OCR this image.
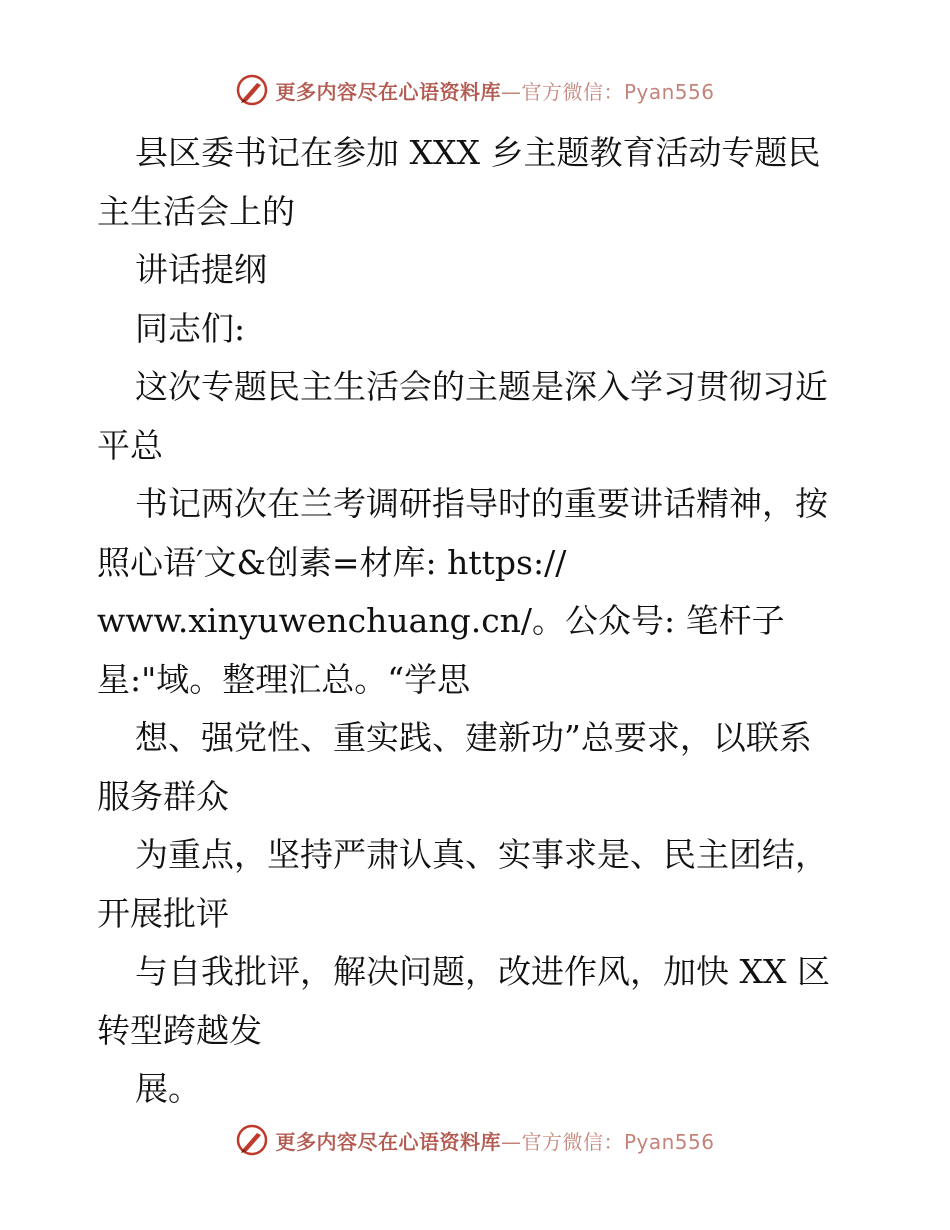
更多内容尽在心语资料库—官方微信：Pyan556
县区委书记在参加 XXX 乡主题教育活动专题民
主生活会上的
讲话提纲
同志们:
这次专题民主生活会的主题是深入学习贯彻习近
平总
书记两次在兰考调研指导时的重要讲话精神，按
照心语′文&创素=材库: https://
www.xinyuwenchuang.cn/。公众号: 笔杆子
星:"域。整理汇总。“学思
想、强党性、重实践、建新功”总要求，以联系
服务群众
为重点，坚持严肃认真、实事求是、民主团结，
开展批评
与自我批评，解决问题，改进作风，加快 XX 区
转型跨越发
展。
更多内容尽在心语资料库—官方微信：Pyan556
